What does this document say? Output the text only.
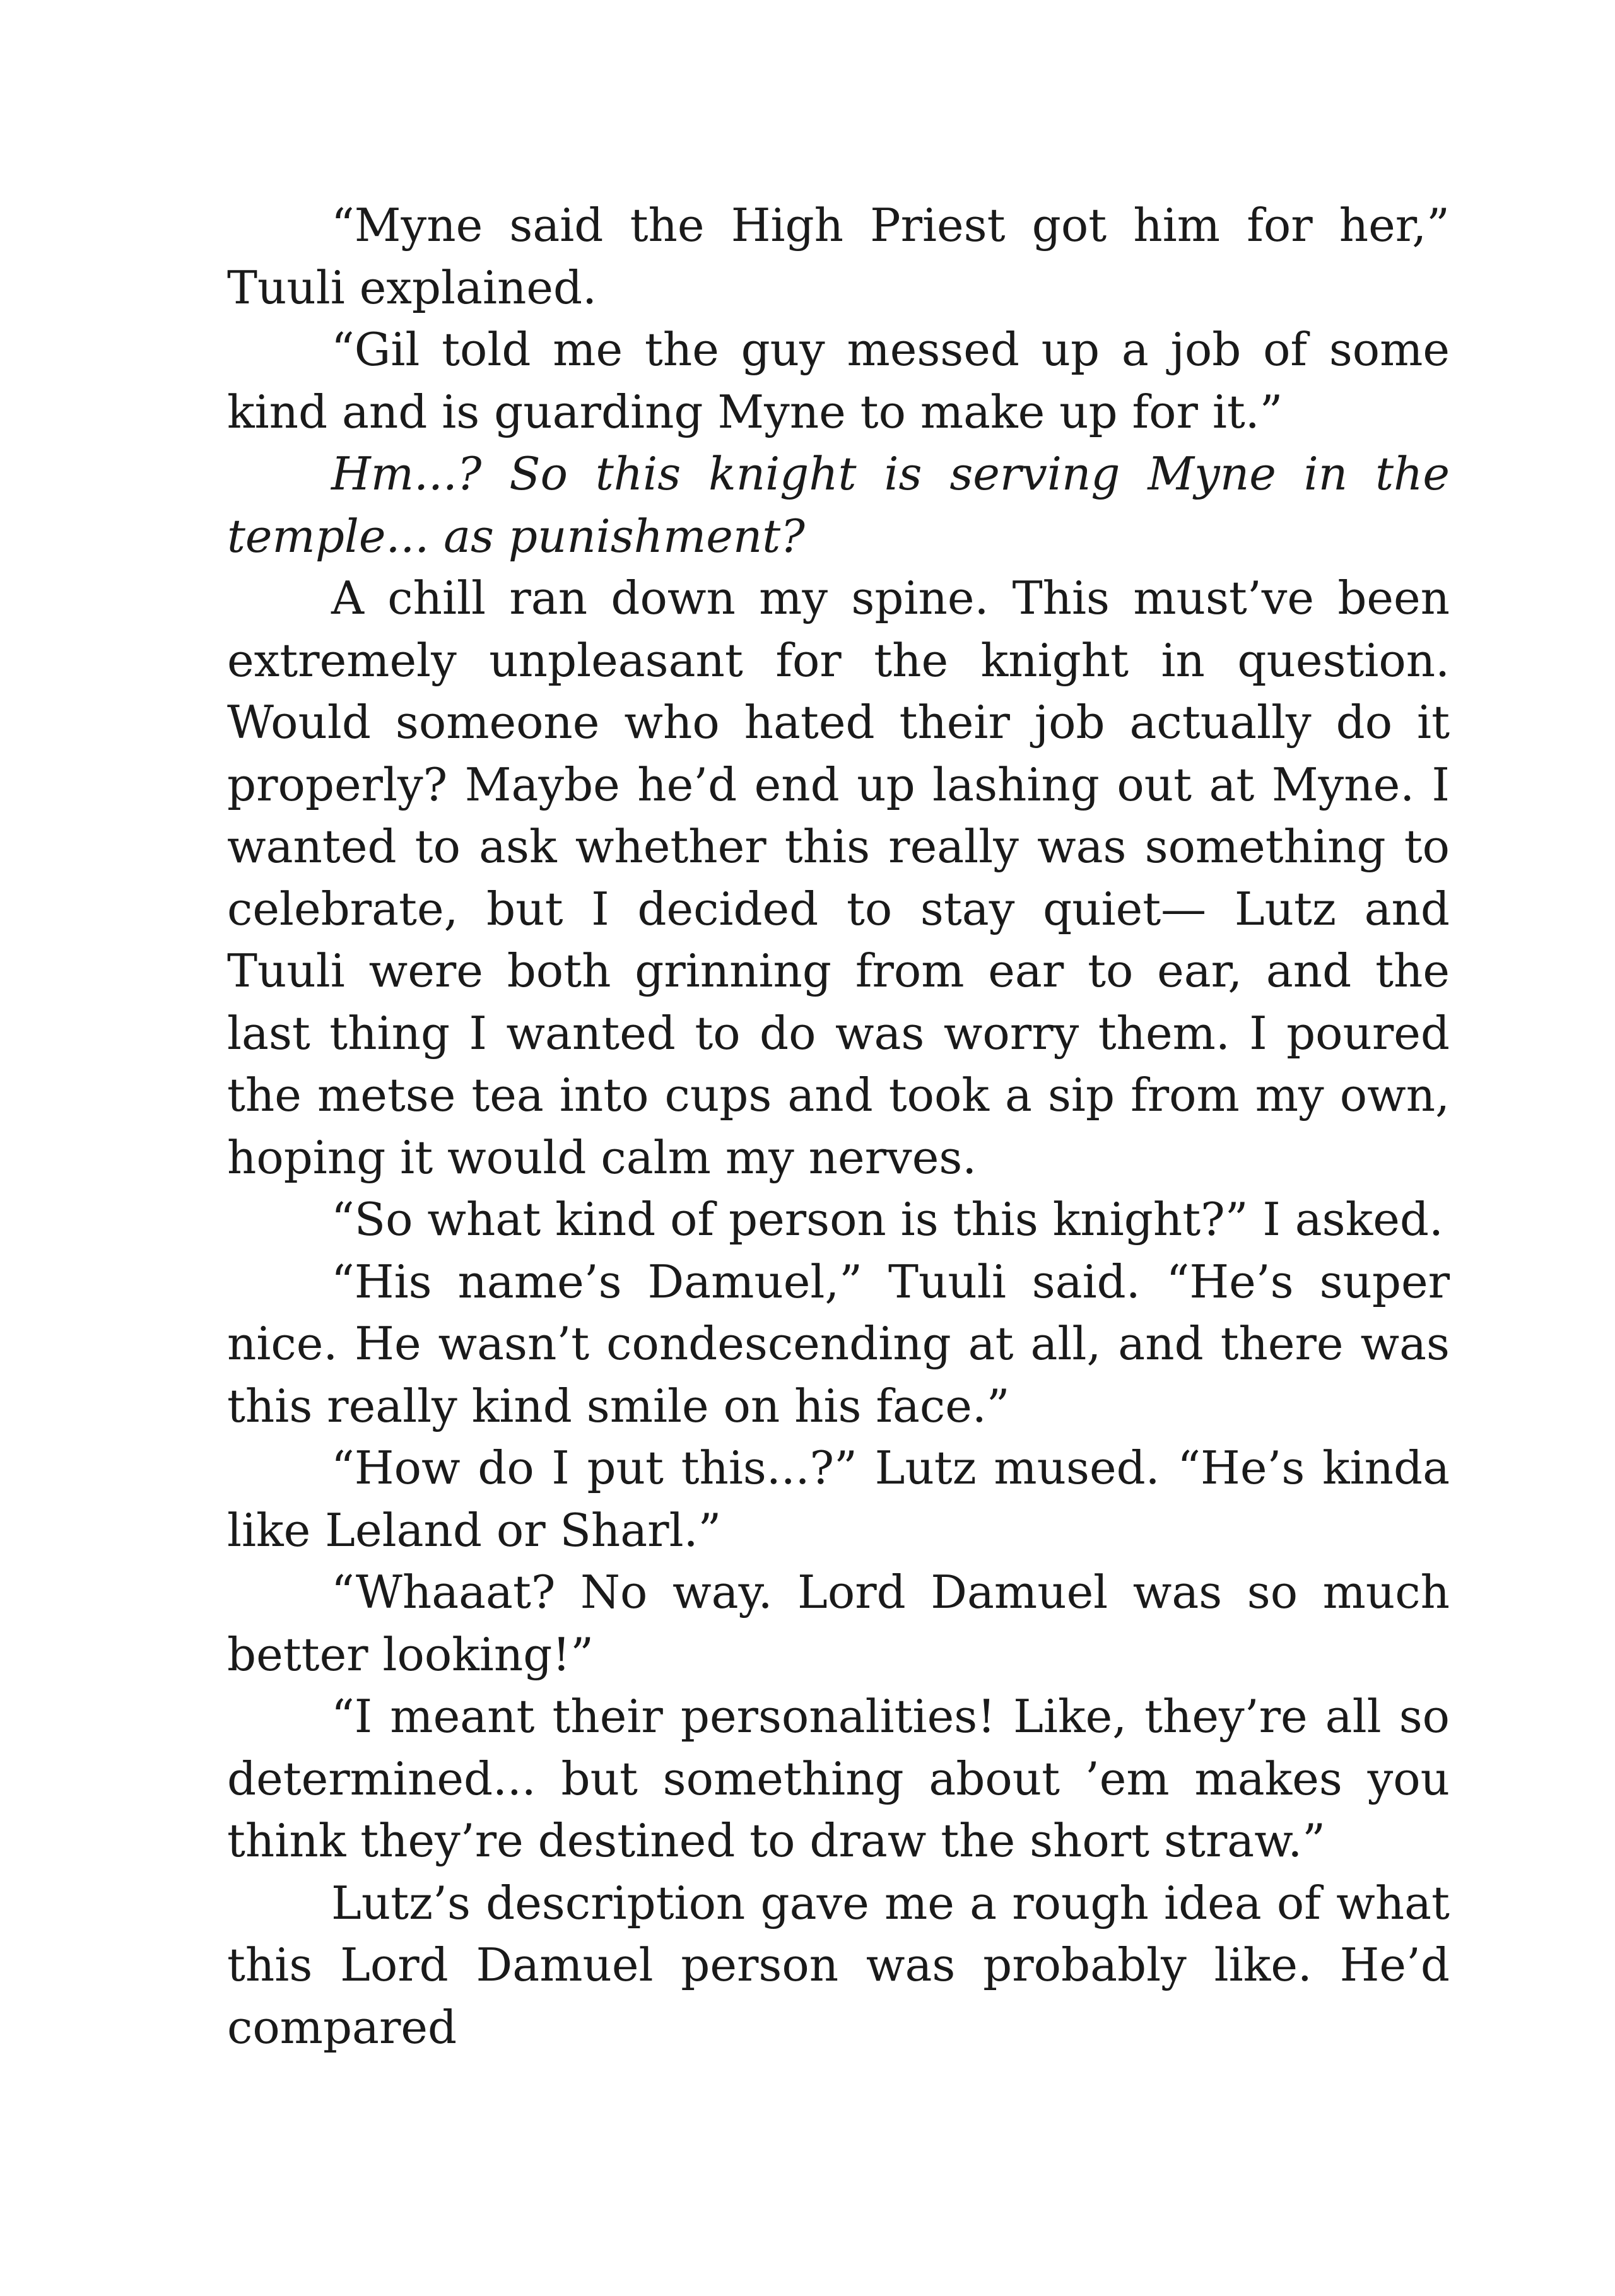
“Myne said the High Priest got him for her,” Tuuli explained.

“Gil told me the guy messed up a job of some kind and is guarding Myne to make up for it.”

Hm...? So this knight is serving Myne in the temple... as punishment?

A chill ran down my spine. This must’ve been extremely unpleasant for the knight in question. Would someone who hated their job actually do it properly? Maybe he’d end up lashing out at Myne. I wanted to ask whether this really was something to celebrate, but I decided to stay quiet— Lutz and Tuuli were both grinning from ear to ear, and the last thing I wanted to do was worry them. I poured the metse tea into cups and took a sip from my own, hoping it would calm my nerves.

“So what kind of person is this knight?” I asked.

“His name’s Damuel,” Tuuli said. “He’s super nice. He wasn’t condescending at all, and there was this really kind smile on his face.”

“How do I put this...?” Lutz mused. “He’s kinda like Leland or Sharl.”

“Whaaat? No way. Lord Damuel was so much better looking!”

“I meant their personalities! Like, they’re all so determined... but something about ’em makes you think they’re destined to draw the short straw.”

Lutz’s description gave me a rough idea of what this Lord Damuel person was probably like. He’d compared
